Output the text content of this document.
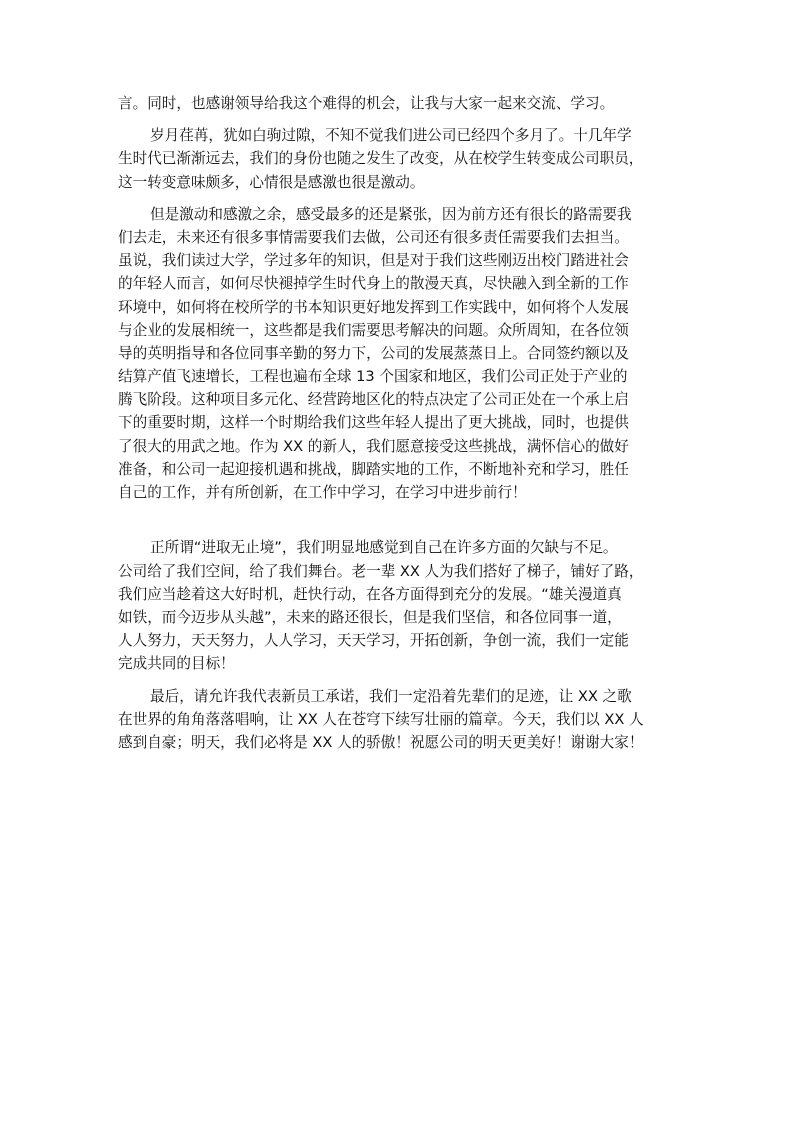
言。同时，也感谢领导给我这个难得的机会，让我与大家一起来交流、学习。

岁月荏苒，犹如白驹过隙，不知不觉我们进公司已经四个多月了。十几年学
生时代已渐渐远去，我们的身份也随之发生了改变，从在校学生转变成公司职员，
这一转变意味颇多，心情很是感激也很是激动。

但是激动和感激之余，感受最多的还是紧张，因为前方还有很长的路需要我
们去走，未来还有很多事情需要我们去做，公司还有很多责任需要我们去担当。
虽说，我们读过大学，学过多年的知识，但是对于我们这些刚迈出校门踏进社会
的年轻人而言，如何尽快褪掉学生时代身上的散漫天真，尽快融入到全新的工作
环境中，如何将在校所学的书本知识更好地发挥到工作实践中，如何将个人发展
与企业的发展相统一，这些都是我们需要思考解决的问题。众所周知，在各位领
导的英明指导和各位同事辛勤的努力下，公司的发展蒸蒸日上。合同签约额以及
结算产值飞速增长，工程也遍布全球 13 个国家和地区，我们公司正处于产业的
腾飞阶段。这种项目多元化、经营跨地区化的特点决定了公司正处在一个承上启
下的重要时期，这样一个时期给我们这些年轻人提出了更大挑战，同时，也提供
了很大的用武之地。作为 XX 的新人，我们愿意接受这些挑战，满怀信心的做好
准备，和公司一起迎接机遇和挑战，脚踏实地的工作，不断地补充和学习，胜任
自己的工作，并有所创新，在工作中学习，在学习中进步前行！

正所谓“进取无止境”，我们明显地感觉到自己在许多方面的欠缺与不足。
公司给了我们空间，给了我们舞台。老一辈 XX 人为我们搭好了梯子，铺好了路，
我们应当趁着这大好时机，赶快行动，在各方面得到充分的发展。“雄关漫道真
如铁，而今迈步从头越”，未来的路还很长，但是我们坚信，和各位同事一道，
人人努力，天天努力，人人学习，天天学习，开拓创新，争创一流，我们一定能
完成共同的目标！

最后，请允许我代表新员工承诺，我们一定沿着先辈们的足迹，让 XX 之歌
在世界的角角落落唱响，让 XX 人在苍穹下续写壮丽的篇章。今天，我们以 XX 人
感到自豪；明天，我们必将是 XX 人的骄傲！祝愿公司的明天更美好！谢谢大家！
